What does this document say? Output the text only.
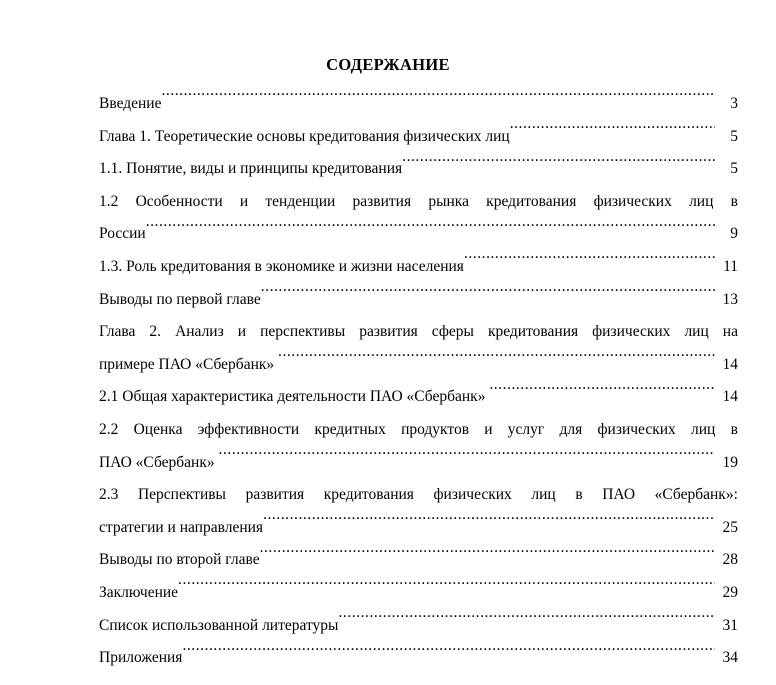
СОДЕРЖАНИЕ
Введение .....	3
Глава 1. Теоретические основы кредитования физических лиц .....	5
1.1. Понятие, виды и принципы кредитования .....	5
1.2 Особенности и тенденции развития рынка кредитования физических лиц в
России .....	9
1.3. Роль кредитования в экономике и жизни населения .....	11
Выводы по первой главе .....	13
Глава 2. Анализ и перспективы развития сферы кредитования физических лиц на
примере ПАО «Сбербанк» .....	14
2.1 Общая характеристика деятельности ПАО «Сбербанк» .....	14
2.2 Оценка эффективности кредитных продуктов и услуг для физических лиц в
ПАО «Сбербанк» .....	19
2.3 Перспективы развития кредитования физических лиц в ПАО «Сбербанк»:
стратегии и направления .....	25
Выводы по второй главе .....	28
Заключение .....	29
Список использованной литературы .....	31
Приложения .....	34
